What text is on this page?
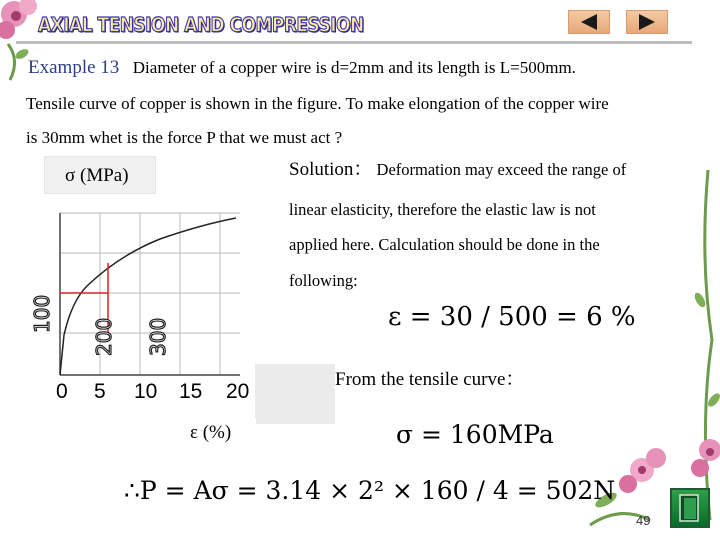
AXIAL TENSION AND COMPRESSION
Example 13 Diameter of a copper wire is d=2mm and its length is L=500mm.
Tensile curve of copper is shown in the figure. To make elongation of the copper wire
is 30mm whet is the force P that we must act ?
σ (MPa)
100
200 300
0 5 10 15 20
ε (%)
Solution： Deformation may exceed the range of
linear elasticity, therefore the elastic law is not
applied here. Calculation should be done in the
following:
ε = 30 / 500 = 6 %
From the tensile curve：
σ = 160MPa
∴P = Aσ = 3.14 × 2² × 160 / 4 = 502N
49
